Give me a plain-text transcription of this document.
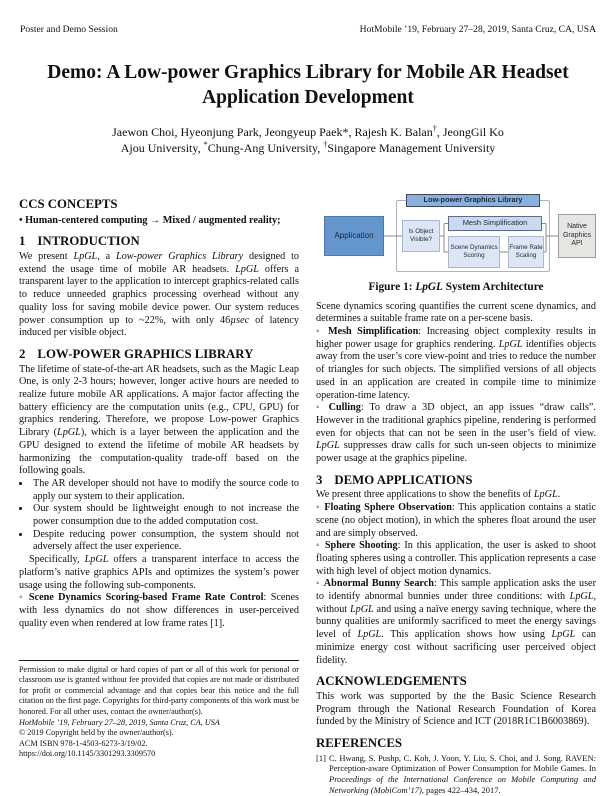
Poster and Demo Session	HotMobile ’19, February 27–28, 2019, Santa Cruz, CA, USA
Demo: A Low-power Graphics Library for Mobile AR Headset Application Development
Jaewon Choi, Hyeonjung Park, Jeongyeup Paek*, Rajesh K. Balan†, JeongGil Ko
Ajou University, *Chung-Ang University, †Singapore Management University
CCS CONCEPTS

• Human-centered computing → Mixed / augmented reality;

1 INTRODUCTION

We present LpGL, a Low-power Graphics Library designed to extend the usage time of mobile AR headsets. LpGL offers a transparent layer to the application to intercept graphics-related calls to reduce unneeded graphics processing overhead without any quality loss for saving mobile device power. Our system reduces power consumption up to ~22%, with only 46µsec of latency induced per visible object.

2 LOW-POWER GRAPHICS LIBRARY

The lifetime of state-of-the-art AR headsets, such as the Magic Leap One, is only 2-3 hours; however, longer active hours are needed to realize future mobile AR applications. A major factor affecting the battery efficiency are the computation units (e.g., CPU, GPU) for graphics rendering. Therefore, we propose Low-power Graphics Library (LpGL), which is a layer between the application and the GPU designed to extend the lifetime of mobile AR headsets by harmonizing the computation-quality trade-off based on the following goals.

• The AR developer should not have to modify the source code to apply our system to their application.
• Our system should be lightweight enough to not increase the power consumption due to the added computation cost.
• Despite reducing power consumption, the system should not adversely affect the user experience.

Specifically, LpGL offers a transparent interface to access the platform’s native graphics APIs and optimizes the system’s power usage using the following sub-components.

◦ Scene Dynamics Scoring-based Frame Rate Control: Scenes with less dynamics do not show differences in user-perceived quality even when rendered at low frame rates [1].

Permission to make digital or hard copies of part or all of this work for personal or classroom use is granted without fee provided that copies are not made or distributed for profit or commercial advantage and that copies bear this notice and the full citation on the first page. Copyrights for third-party components of this work must be honored. For all other uses, contact the owner/author(s).

HotMobile ’19, February 27–28, 2019, Santa Cruz, CA, USA

© 2019 Copyright held by the owner/author(s).

ACM ISBN 978-1-4503-6273-3/19/02.

https://doi.org/10.1145/3301293.3309570
Low-power Graphics Library
Application	Is Object Visible?
Mesh Simplification
Scene Dynamics Scoring
Frame Rate Scaling
Native Graphics API
Figure 1: LpGL System Architecture

Scene dynamics scoring quantifies the current scene dynamics, and determines a suitable frame rate on a per-scene basis.

◦ Mesh Simplification: Increasing object complexity results in higher power usage for graphics rendering. LpGL identifies objects away from the user’s core view-point and tries to reduce the number of triangles for such objects. The simplified versions of all objects used in an application are created in compile time to minimize operation-time latency.

◦ Culling: To draw a 3D object, an app issues “draw calls”. However in the traditional graphics pipeline, rendering is performed even for objects that can not be seen in the user’s field of view. LpGL suppresses draw calls for such un-seen objects to minimize power usage at the graphics pipeline.

3 DEMO APPLICATIONS

We present three applications to show the benefits of LpGL.

◦ Floating Sphere Observation: This application contains a static scene (no object motion), in which the spheres float around the user and are simply observed.

◦ Sphere Shooting: In this application, the user is asked to shoot floating spheres using a controller. This application represents a case with high level of object motion dynamics.

◦ Abnormal Bunny Search: This sample application asks the user to identify abnormal bunnies under three conditions: with LpGL, without LpGL and using a naïve energy saving technique, where the bunny qualities are uniformly sacrificed to meet the energy savings level of LpGL. This application shows how using LpGL can minimize energy cost without sacrificing user perceived object fidelity.

ACKNOWLEDGEMENTS

This work was supported by the the Basic Science Research Program through the National Research Foundation of Korea funded by the Ministry of Science and ICT (2018R1C1B6003869).

REFERENCES
[1] C. Hwang, S. Pushp, C. Koh, J. Yoon, Y. Liu, S. Choi, and J. Song. RAVEN: Perception-aware Optimization of Power Consumption for Mobile Games. In Proceedings of the International Conference on Mobile Computing and Networking (MobiCom’17), pages 422–434, 2017.
